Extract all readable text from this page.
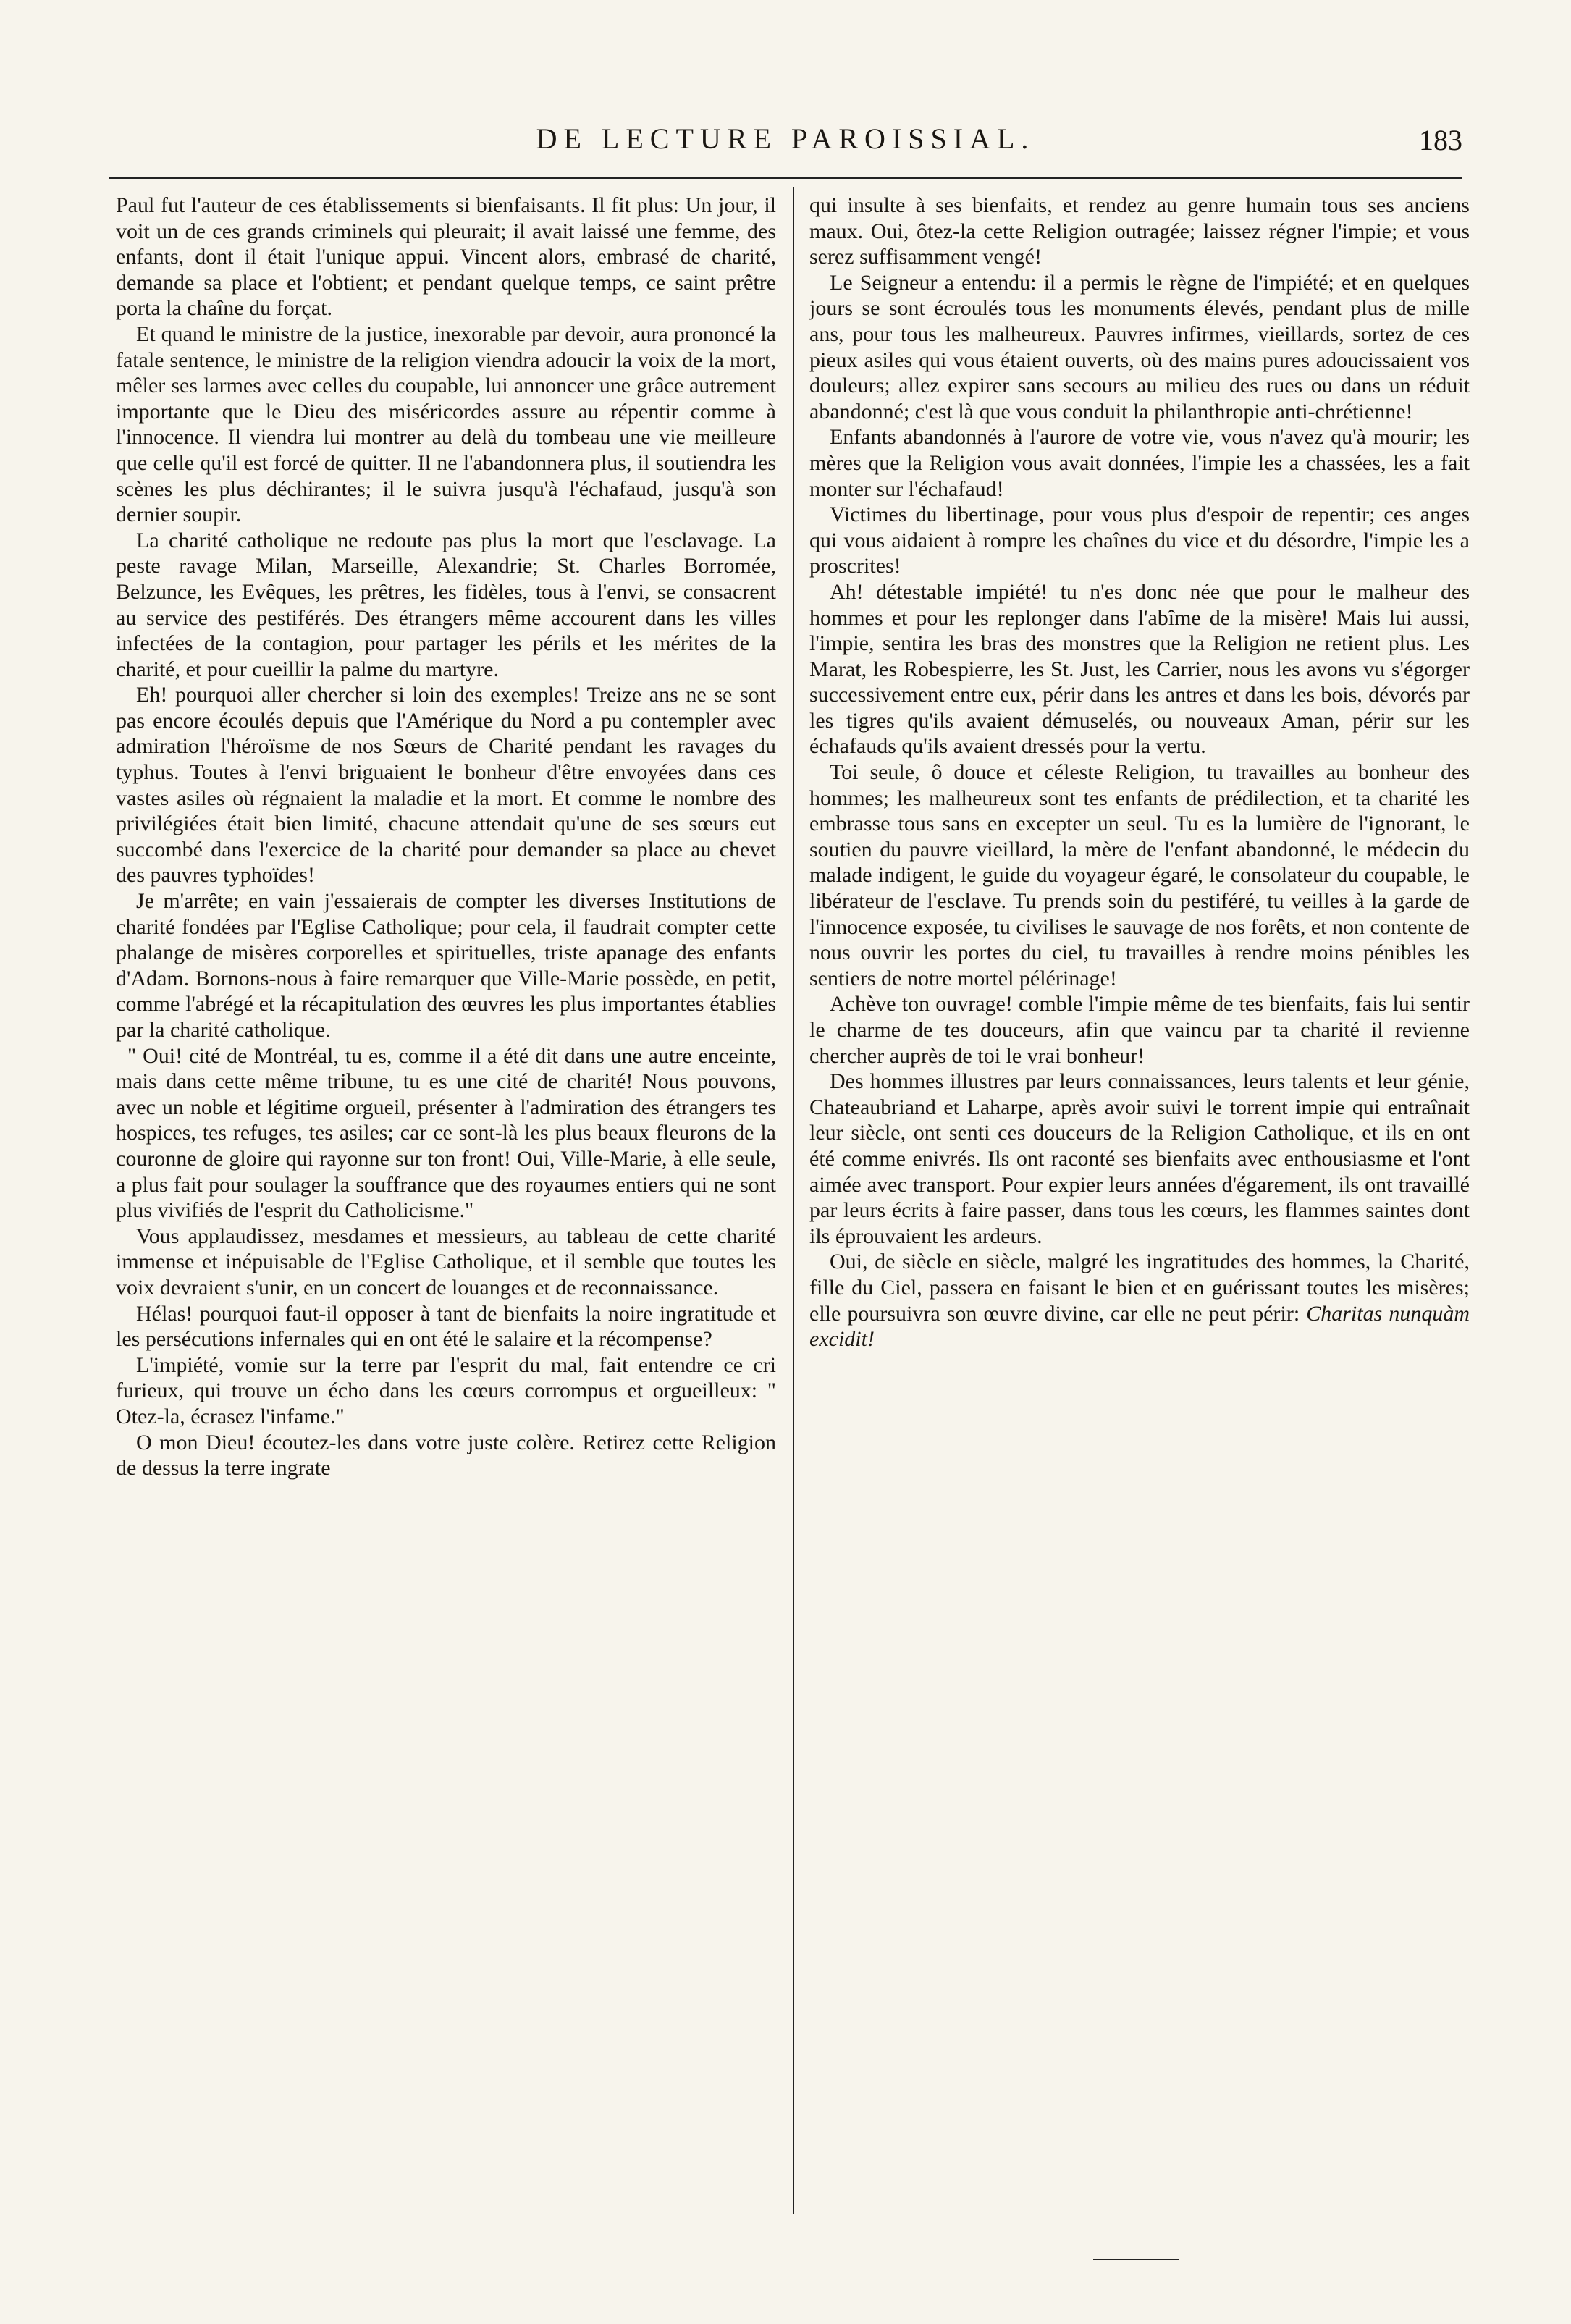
DE LECTURE PAROISSIAL.	183

Paul fut l'auteur de ces établissements si bienfaisants. Il fit plus: Un jour, il voit un de ces grands criminels qui pleurait; il avait laissé une femme, des enfants, dont il était l'unique appui. Vincent alors, embrasé de charité, demande sa place et l'obtient; et pendant quelque temps, ce saint prêtre porta la chaîne du forçat.

Et quand le ministre de la justice, inexorable par devoir, aura prononcé la fatale sentence, le ministre de la religion viendra adoucir la voix de la mort, mêler ses larmes avec celles du coupable, lui annoncer une grâce autrement importante que le Dieu des miséricordes assure au répentir comme à l'innocence. Il viendra lui montrer au delà du tombeau une vie meilleure que celle qu'il est forcé de quitter. Il ne l'abandonnera plus, il soutiendra les scènes les plus déchirantes; il le suivra jusqu'à l'échafaud, jusqu'à son dernier soupir.

La charité catholique ne redoute pas plus la mort que l'esclavage. La peste ravage Milan, Marseille, Alexandrie; St. Charles Borromée, Belzunce, les Evêques, les prêtres, les fidèles, tous à l'envi, se consacrent au service des pestiférés. Des étrangers même accourent dans les villes infectées de la contagion, pour partager les périls et les mérites de la charité, et pour cueillir la palme du martyre.

Eh! pourquoi aller chercher si loin des exemples! Treize ans ne se sont pas encore écoulés depuis que l'Amérique du Nord a pu contempler avec admiration l'héroïsme de nos Sœurs de Charité pendant les ravages du typhus. Toutes à l'envi briguaient le bonheur d'être envoyées dans ces vastes asiles où régnaient la maladie et la mort. Et comme le nombre des privilégiées était bien limité, chacune attendait qu'une de ses sœurs eut succombé dans l'exercice de la charité pour demander sa place au chevet des pauvres typhoïdes!

Je m'arrête; en vain j'essaierais de compter les diverses Institutions de charité fondées par l'Eglise Catholique; pour cela, il faudrait compter cette phalange de misères corporelles et spirituelles, triste apanage des enfants d'Adam. Bornons-nous à faire remarquer que Ville-Marie possède, en petit, comme l'abrégé et la récapitulation des œuvres les plus importantes établies par la charité catholique.

" Oui! cité de Montréal, tu es, comme il a été dit dans une autre enceinte, mais dans cette même tribune, tu es une cité de charité! Nous pouvons, avec un noble et légitime orgueil, présenter à l'admiration des étrangers tes hospices, tes refuges, tes asiles; car ce sont-là les plus beaux fleurons de la couronne de gloire qui rayonne sur ton front! Oui, Ville-Marie, à elle seule, a plus fait pour soulager la souffrance que des royaumes entiers qui ne sont plus vivifiés de l'esprit du Catholicisme."

Vous applaudissez, mesdames et messieurs, au tableau de cette charité immense et inépuisable de l'Eglise Catholique, et il semble que toutes les voix devraient s'unir, en un concert de louanges et de reconnaissance.

Hélas! pourquoi faut-il opposer à tant de bienfaits la noire ingratitude et les persécutions infernales qui en ont été le salaire et la récompense?

L'impiété, vomie sur la terre par l'esprit du mal, fait entendre ce cri furieux, qui trouve un écho dans les cœurs corrompus et orgueilleux: " Otez-la, écrasez l'infame."

O mon Dieu! écoutez-les dans votre juste colère. Retirez cette Religion de dessus la terre ingrate

qui insulte à ses bienfaits, et rendez au genre humain tous ses anciens maux. Oui, ôtez-la cette Religion outragée; laissez régner l'impie; et vous serez suffisamment vengé!

Le Seigneur a entendu: il a permis le règne de l'impiété; et en quelques jours se sont écroulés tous les monuments élevés, pendant plus de mille ans, pour tous les malheureux. Pauvres infirmes, vieillards, sortez de ces pieux asiles qui vous étaient ouverts, où des mains pures adoucissaient vos douleurs; allez expirer sans secours au milieu des rues ou dans un réduit abandonné; c'est là que vous conduit la philanthropie anti-chrétienne!

Enfants abandonnés à l'aurore de votre vie, vous n'avez qu'à mourir; les mères que la Religion vous avait données, l'impie les a chassées, les a fait monter sur l'échafaud!

Victimes du libertinage, pour vous plus d'espoir de repentir; ces anges qui vous aidaient à rompre les chaînes du vice et du désordre, l'impie les a proscrites!

Ah! détestable impiété! tu n'es donc née que pour le malheur des hommes et pour les replonger dans l'abîme de la misère! Mais lui aussi, l'impie, sentira les bras des monstres que la Religion ne retient plus. Les Marat, les Robespierre, les St. Just, les Carrier, nous les avons vu s'égorger successivement entre eux, périr dans les antres et dans les bois, dévorés par les tigres qu'ils avaient démuselés, ou nouveaux Aman, périr sur les échafauds qu'ils avaient dressés pour la vertu.

Toi seule, ô douce et céleste Religion, tu travailles au bonheur des hommes; les malheureux sont tes enfants de prédilection, et ta charité les embrasse tous sans en excepter un seul. Tu es la lumière de l'ignorant, le soutien du pauvre vieillard, la mère de l'enfant abandonné, le médecin du malade indigent, le guide du voyageur égaré, le consolateur du coupable, le libérateur de l'esclave. Tu prends soin du pestiféré, tu veilles à la garde de l'innocence exposée, tu civilises le sauvage de nos forêts, et non contente de nous ouvrir les portes du ciel, tu travailles à rendre moins pénibles les sentiers de notre mortel pélérinage!

Achève ton ouvrage! comble l'impie même de tes bienfaits, fais lui sentir le charme de tes douceurs, afin que vaincu par ta charité il revienne chercher auprès de toi le vrai bonheur!

Des hommes illustres par leurs connaissances, leurs talents et leur génie, Chateaubriand et Laharpe, après avoir suivi le torrent impie qui entraînait leur siècle, ont senti ces douceurs de la Religion Catholique, et ils en ont été comme enivrés. Ils ont raconté ses bienfaits avec enthousiasme et l'ont aimée avec transport. Pour expier leurs années d'égarement, ils ont travaillé par leurs écrits à faire passer, dans tous les cœurs, les flammes saintes dont ils éprouvaient les ardeurs.

Oui, de siècle en siècle, malgré les ingratitudes des hommes, la Charité, fille du Ciel, passera en faisant le bien et en guérissant toutes les misères; elle poursuivra son œuvre divine, car elle ne peut périr: Charitas nunquàm excidit!
